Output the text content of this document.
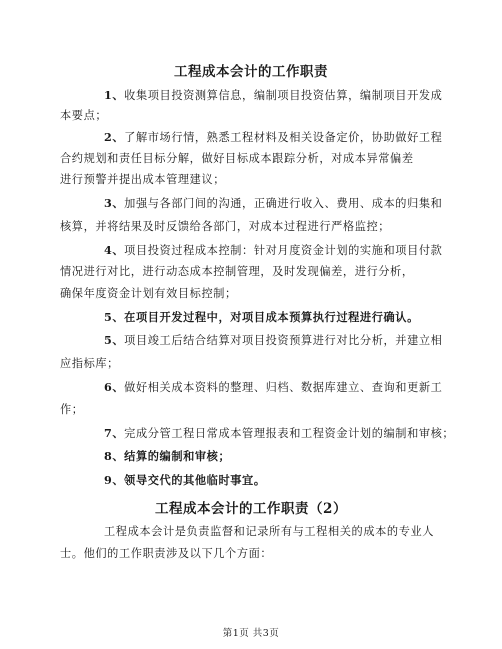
工程成本会计的工作职责
1、收集项目投资测算信息，编制项目投资估算，编制项目开发成
本要点；
2、了解市场行情，熟悉工程材料及相关设备定价，协助做好工程
合约规划和责任目标分解，做好目标成本跟踪分析，对成本异常偏差
进行预警并提出成本管理建议；
3、加强与各部门间的沟通，正确进行收入、费用、成本的归集和
核算，并将结果及时反馈给各部门，对成本过程进行严格监控；
4、项目投资过程成本控制：针对月度资金计划的实施和项目付款
情况进行对比，进行动态成本控制管理，及时发现偏差，进行分析，
确保年度资金计划有效目标控制；
5、在项目开发过程中，对项目成本预算执行过程进行确认。
5、项目竣工后结合结算对项目投资预算进行对比分析，并建立相
应指标库；
6、做好相关成本资料的整理、归档、数据库建立、查询和更新工
作；
7、完成分管工程日常成本管理报表和工程资金计划的编制和审核；
8、结算的编制和审核；
9、领导交代的其他临时事宜。
工程成本会计的工作职责（2）
工程成本会计是负责监督和记录所有与工程相关的成本的专业人
士。他们的工作职责涉及以下几个方面：
第1页 共3页
